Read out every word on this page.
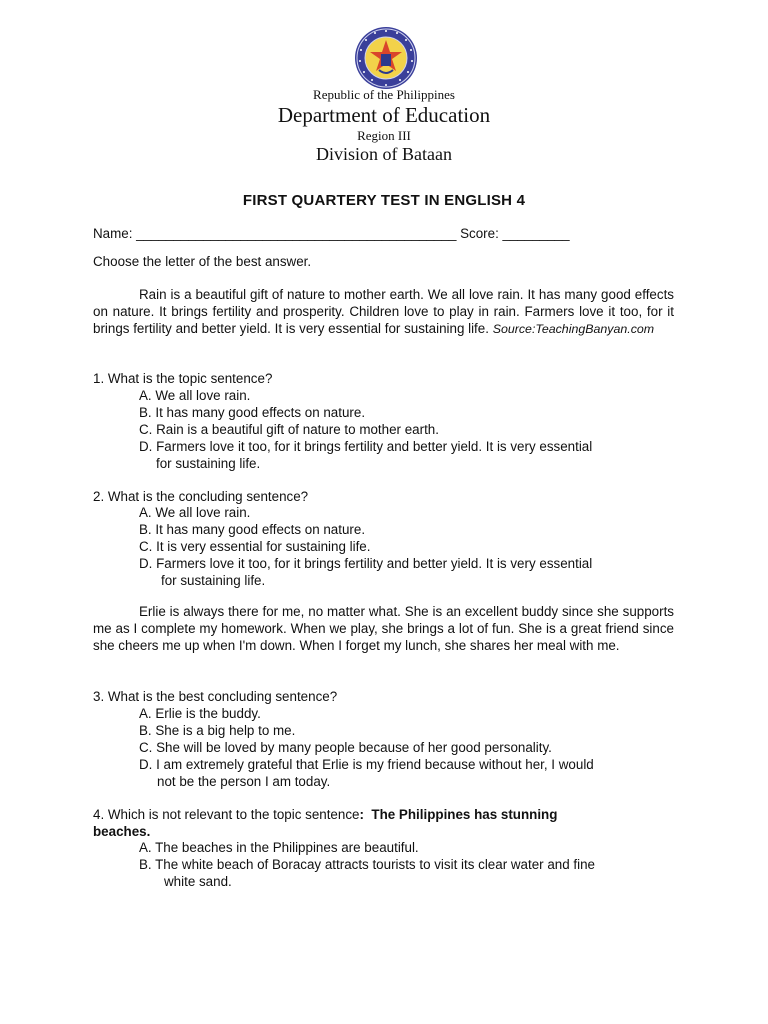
Republic of the Philippines
Department of Education
Region III
Division of Bataan
FIRST QUARTERY TEST IN ENGLISH 4
Name: ___________________________________________ Score: _________
Choose the letter of the best answer.
Rain is a beautiful gift of nature to mother earth. We all love rain. It has many good effects on nature. It brings fertility and prosperity. Children love to play in rain. Farmers love it too, for it brings fertility and better yield. It is very essential for sustaining life. Source:TeachingBanyan.com
1. What is the topic sentence?
A. We all love rain.
B. It has many good effects on nature.
C. Rain is a beautiful gift of nature to mother earth.
D. Farmers love it too, for it brings fertility and better yield. It is very essential
for sustaining life.
2. What is the concluding sentence?
A. We all love rain.
B. It has many good effects on nature.
C. It is very essential for sustaining life.
D. Farmers love it too, for it brings fertility and better yield. It is very essential
for sustaining life.
Erlie is always there for me, no matter what. She is an excellent buddy since she supports me as I complete my homework. When we play, she brings a lot of fun. She is a great friend since she cheers me up when I'm down. When I forget my lunch, she shares her meal with me.
3. What is the best concluding sentence?
A. Erlie is the buddy.
B. She is a big help to me.
C. She will be loved by many people because of her good personality.
D. I am extremely grateful that Erlie is my friend because without her, I would
not be the person I am today.
4. Which is not relevant to the topic sentence: The Philippines has stunning
beaches.
A. The beaches in the Philippines are beautiful.
B. The white beach of Boracay attracts tourists to visit its clear water and fine
white sand.
